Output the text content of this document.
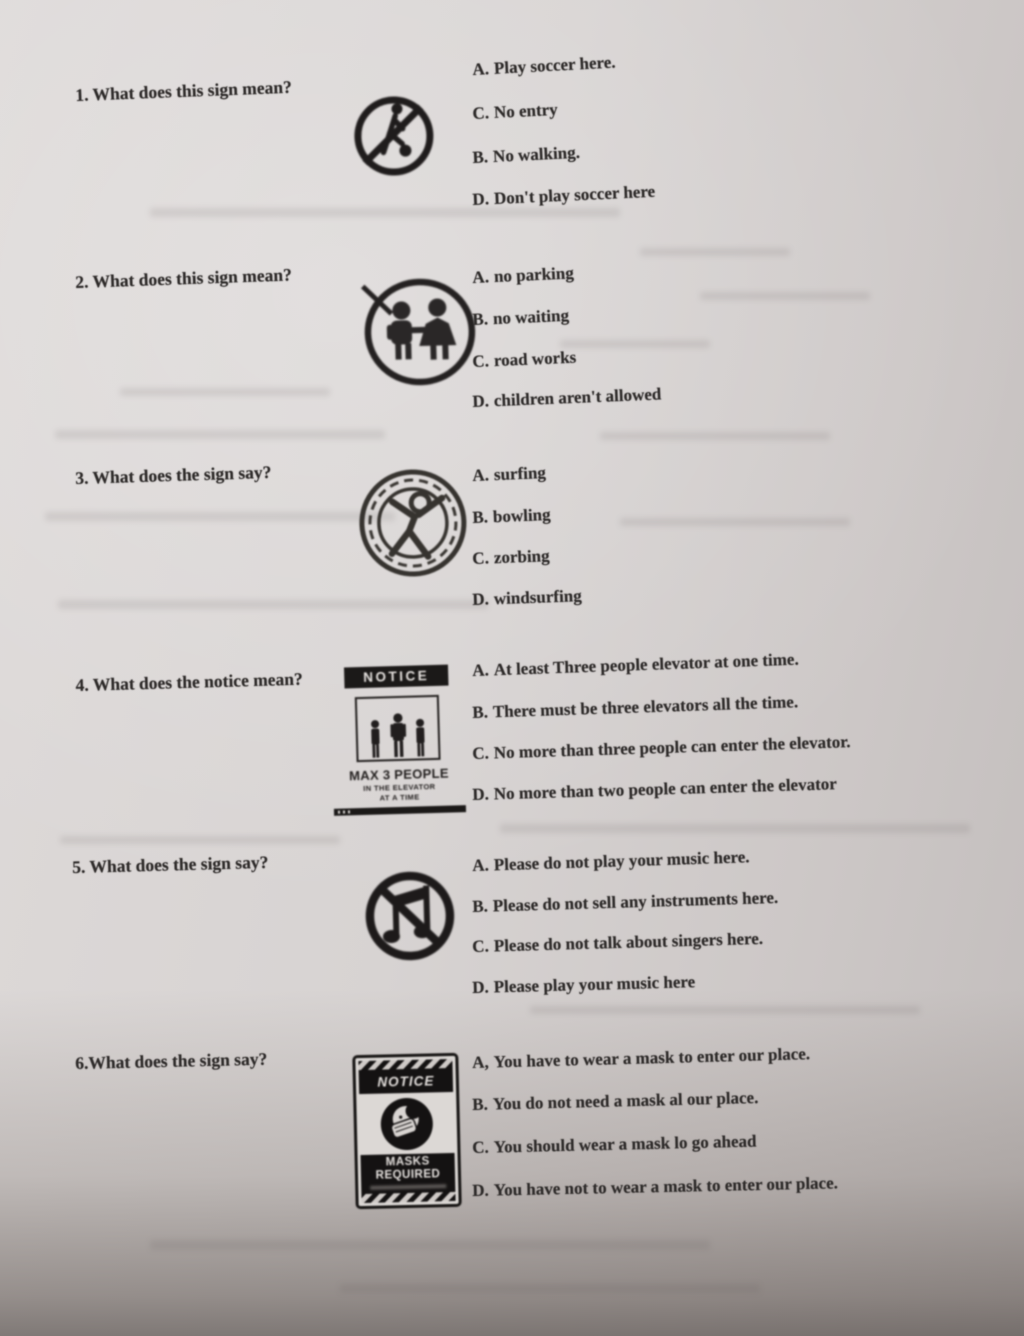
1. What does this sign mean?
A. Play soccer here.
C. No entry
B. No walking.
D. Don't play soccer here
2. What does this sign mean?	A. no parking
B. no waiting
C. road works
D. children aren't allowed
3. What does the sign say?	A. surfing
B. bowling
C. zorbing
D. windsurfing
4. What does the notice mean?	NOTICE
MAX 3 PEOPLE
IN THE ELEVATOR
AT A TIME
A. At least Three people elevator at one time.
B. There must be three elevators all the time.
C. No more than three people can enter the elevator.
D. No more than two people can enter the elevator
5. What does the sign say?	A. Please do not play your music here.
B. Please do not sell any instruments here.
C. Please do not talk about singers here.
D. Please play your music here
6.What does the sign say?
NOTICE
MASKS
REQUIRED
A, You have to wear a mask to enter our place.
B. You do not need a mask al our place.
C. You should wear a mask lo go ahead
D. You have not to wear a mask to enter our place.
